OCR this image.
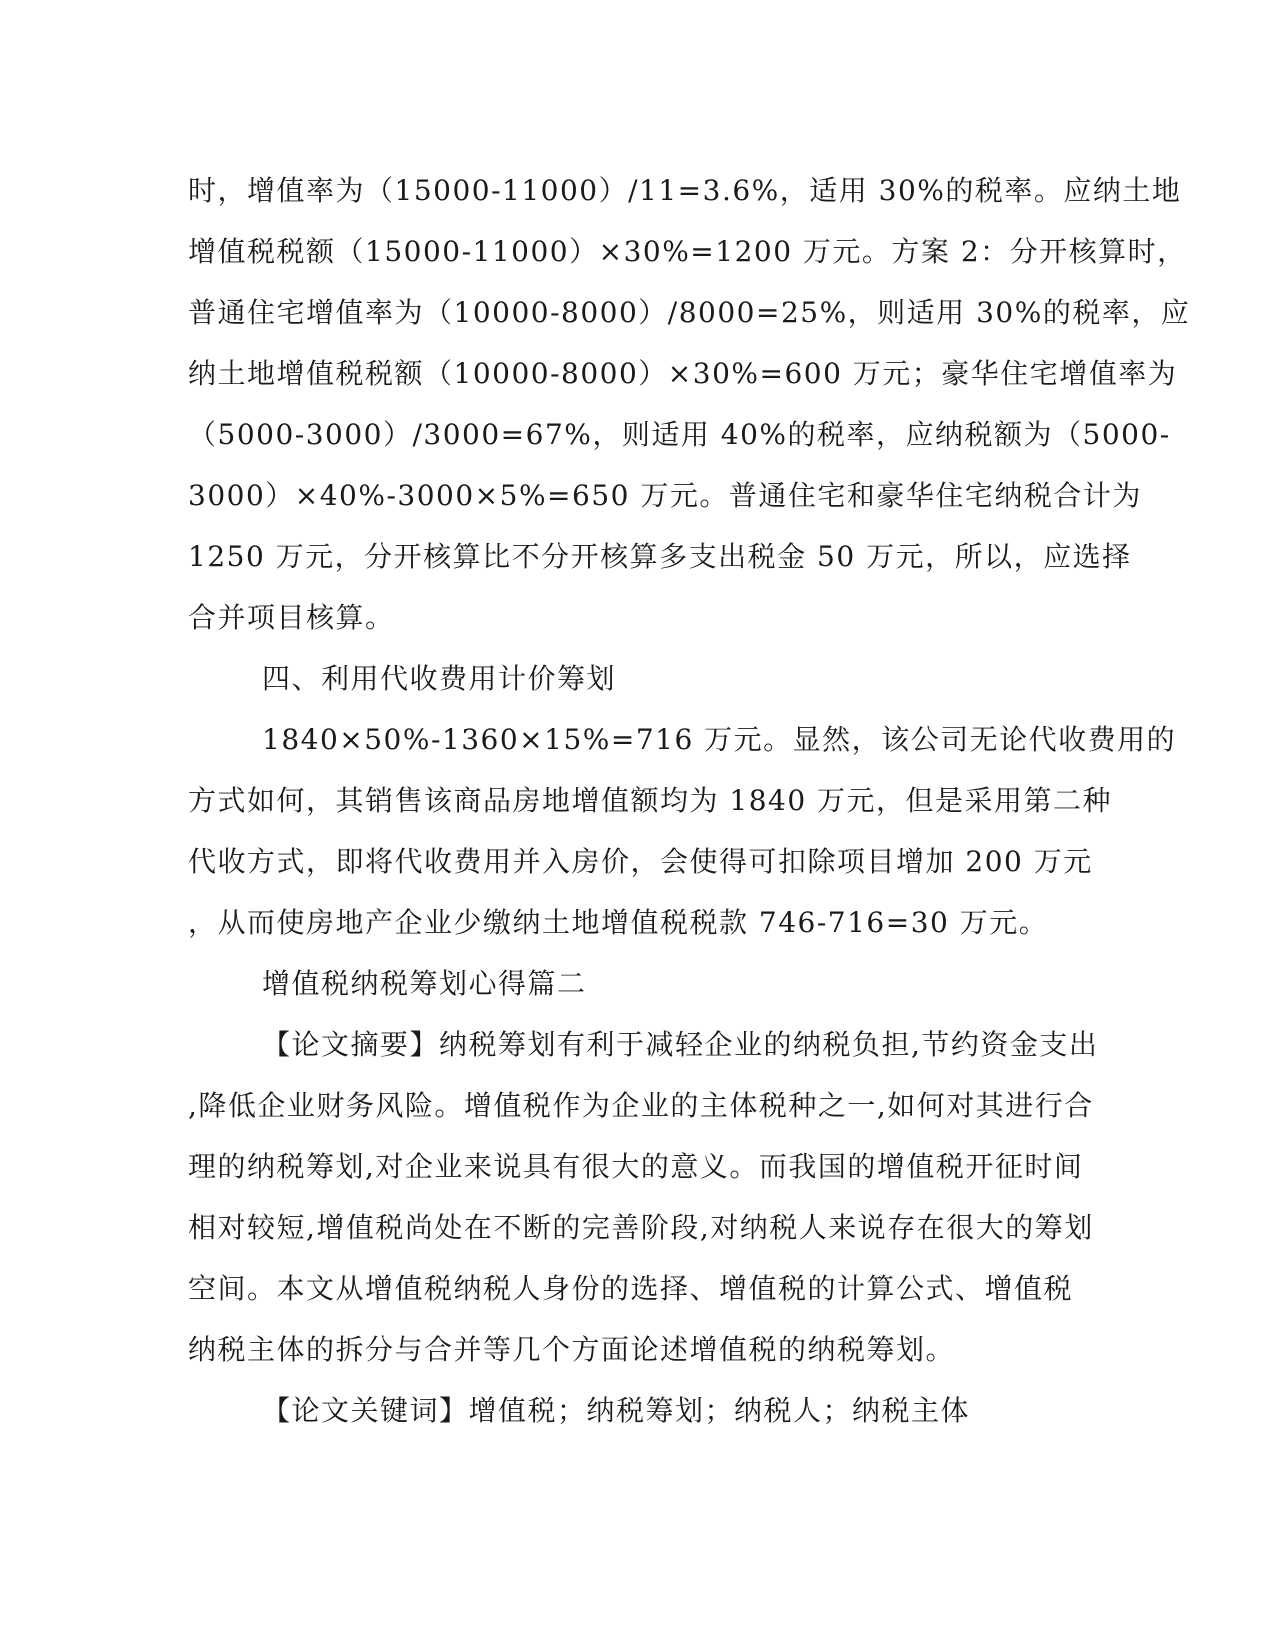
时，增值率为（15000-11000）/11=3.6%，适用 30%的税率。应纳土地
增值税税额（15000-11000）×30%=1200 万元。方案 2：分开核算时，
普通住宅增值率为（10000-8000）/8000=25%，则适用 30%的税率，应
纳土地增值税税额（10000-8000）×30%=600 万元；豪华住宅增值率为
（5000-3000）/3000=67%，则适用 40%的税率，应纳税额为（5000-
3000）×40%-3000×5%=650 万元。普通住宅和豪华住宅纳税合计为
1250 万元，分开核算比不分开核算多支出税金 50 万元，所以，应选择
合并项目核算。
四、利用代收费用计价筹划
1840×50%-1360×15%=716 万元。显然，该公司无论代收费用的
方式如何，其销售该商品房地增值额均为 1840 万元，但是采用第二种
代收方式，即将代收费用并入房价，会使得可扣除项目增加 200 万元
，从而使房地产企业少缴纳土地增值税税款 746-716=30 万元。
增值税纳税筹划心得篇二
【论文摘要】纳税筹划有利于减轻企业的纳税负担,节约资金支出
,降低企业财务风险。增值税作为企业的主体税种之一,如何对其进行合
理的纳税筹划,对企业来说具有很大的意义。而我国的增值税开征时间
相对较短,增值税尚处在不断的完善阶段,对纳税人来说存在很大的筹划
空间。本文从增值税纳税人身份的选择、增值税的计算公式、增值税
纳税主体的拆分与合并等几个方面论述增值税的纳税筹划。
【论文关键词】增值税；纳税筹划；纳税人；纳税主体
